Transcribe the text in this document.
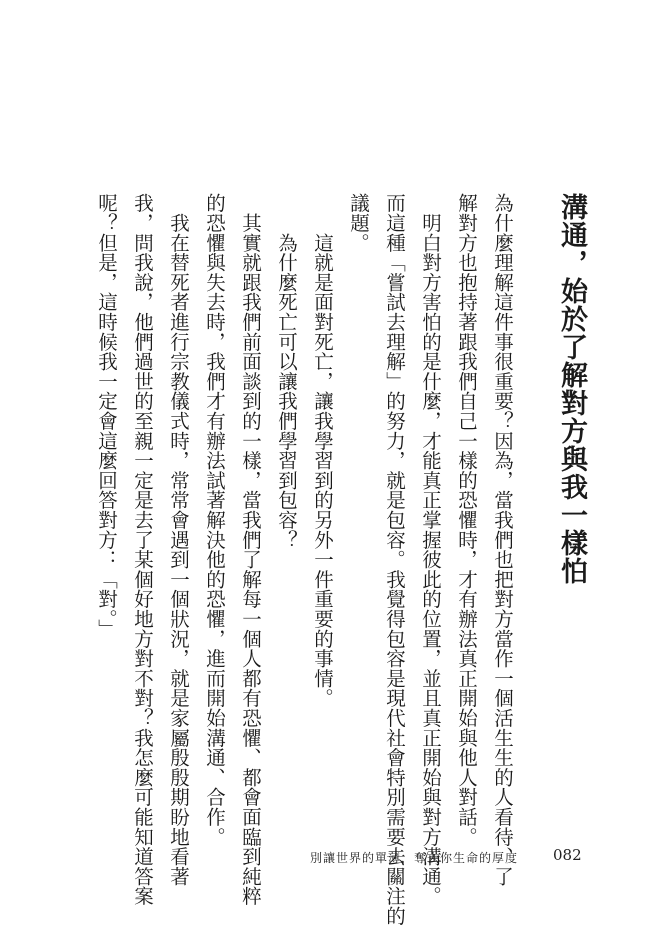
溝通，始於了解對方與我一樣怕

為什麼理解這件事很重要？因為，當我們也把對方當作一個活生生的人看待、了

解對方也抱持著跟我們自己一樣的恐懼時，才有辦法真正開始與他人對話。

　明白對方害怕的是什麼，才能真正掌握彼此的位置，並且真正開始與對方溝通。

而這種「嘗試去理解」的努力，就是包容。我覺得包容是現代社會特別需要去關注的

議題。

　　這就是面對死亡，讓我學習到的另外一件重要的事情。

　　為什麼死亡可以讓我們學習到包容？

　其實就跟我們前面談到的一樣，當我們了解每一個人都有恐懼、都會面臨到純粹

的恐懼與失去時，我們才有辦法試著解決他的恐懼，進而開始溝通、合作。

　我在替死者進行宗教儀式時，常常會遇到一個狀況，就是家屬殷殷期盼地看著

我，問我說，他們過世的至親一定是去了某個好地方對不對？我怎麼可能知道答案

呢？但是，這時候我一定會這麼回答對方：「對。」

別讓世界的單薄，奪去你生命的厚度 082
